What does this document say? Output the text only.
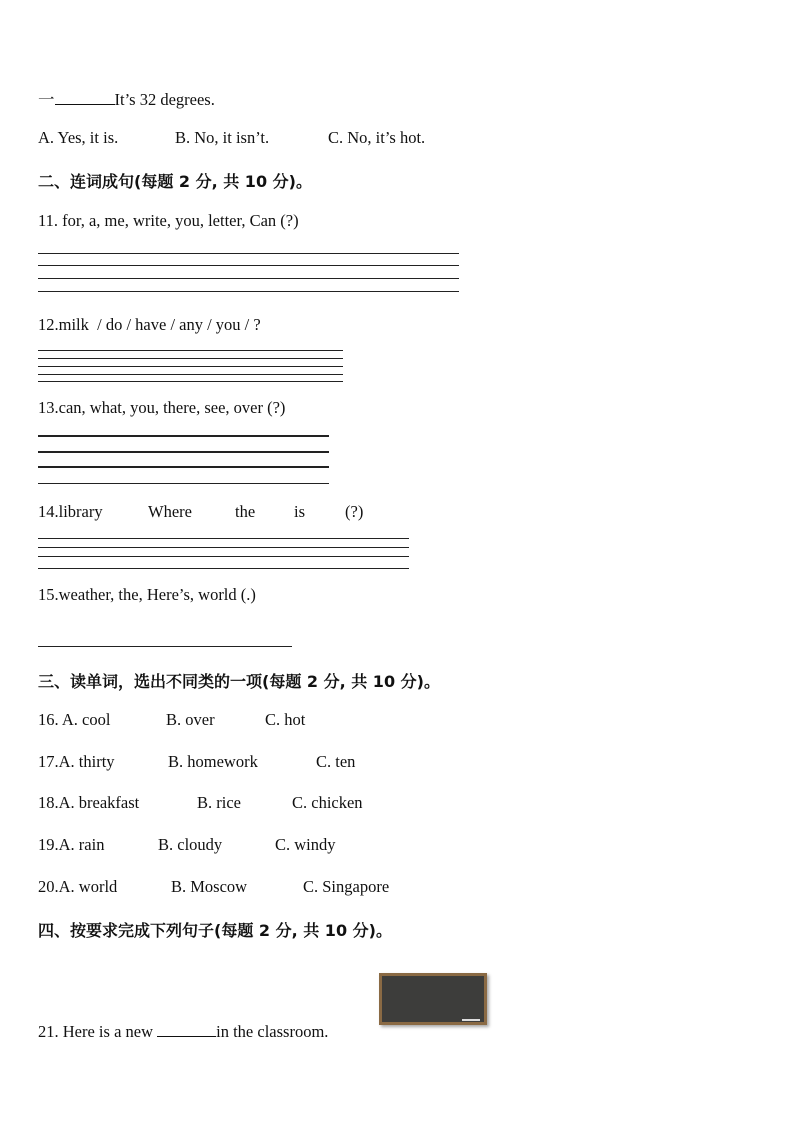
一	It’s 32 degrees.
A. Yes, it is.	B. No, it isn’t.	C. No, it’s hot.
二、连词成句(每题 2 分, 共 10 分)。
11. for, a, me, write, you, letter, Can (?)
12.milk  / do / have / any / you / ?
13.can, what, you, there, see, over (?)
14.library	Where	the is (?)
15.weather, the, Here’s, world (.)
三、读单词，选出不同类的一项(每题 2 分, 共 10 分)。
16. A. cool	B. over	C. hot
17.A. thirty	B. homework	C. ten
18.A. breakfast	B. rice	C. chicken
19.A. rain	B. cloudy	C. windy
20.A. world	B. Moscow	C. Singapore
四、按要求完成下列句子(每题 2 分, 共 10 分)。
21. Here is a new	in the classroom.
